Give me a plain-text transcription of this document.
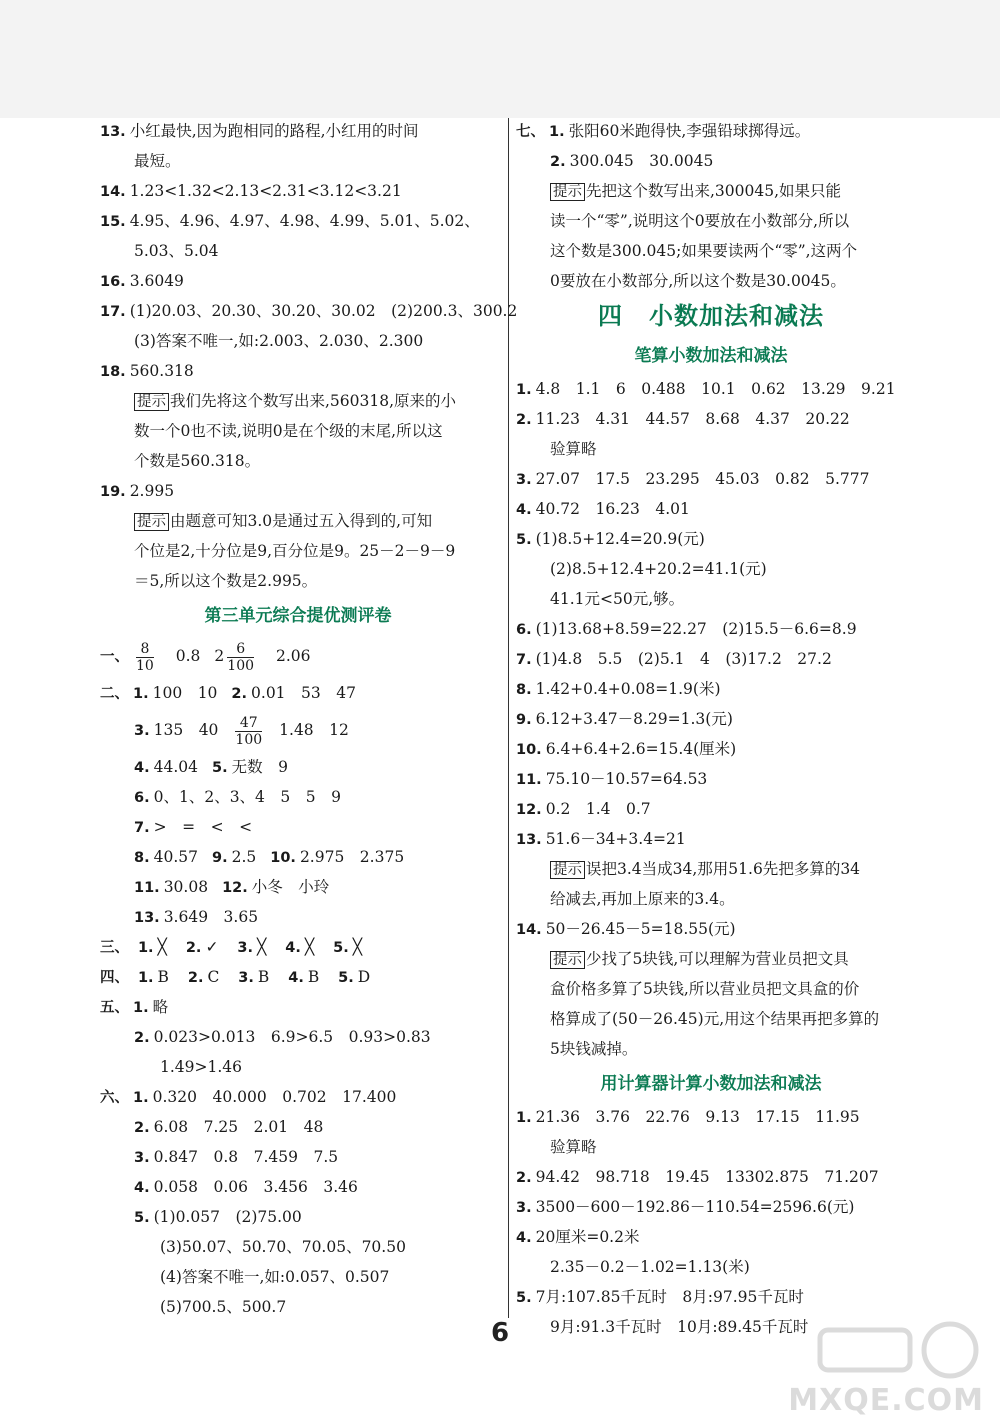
13. 小红最快,因为跑相同的路程,小红用的时间
最短。
14. 1.23<1.32<2.13<2.31<3.12<3.21
15. 4.95、4.96、4.97、4.98、4.99、5.01、5.02、
5.03、5.04
16. 3.6049
17. (1)20.03、20.30、30.20、30.02　(2)200.3、300.2
(3)答案不唯一,如:2.003、2.030、2.300
18. 560.318
提示 我们先将这个数写出来,560318,原来的小
数一个0也不读,说明0是在个级的末尾,所以这
个数是560.318。
19. 2.995
提示 由题意可知3.0是通过五入得到的,可知
个位是2,十分位是9,百分位是9。25－2－9－9
＝5,所以这个数是2.995。
第三单元综合提优测评卷
一、 $\frac{8}{10} 0.8$ $2 \frac{6}{100} 2.06$
二、 1. 100　10 2. 0.01　53　47
3. 135　$40 \frac{47}{100} 1.48$　12
4. 44.04 5. 无数　9
6. 0、1、2、3、4　5　5　9
7. >　=　<　<
8. 40.57 9. 2.5 10. 2.975　2.375
11. 30.08 12. 小冬　小玲
13. 3.649　3.65
三、 1. ╳ 2. ✓ 3. ╳ 4. ╳ 5. ╳
四、 1. B 2. C 3. B 4. B 5. D
五、 1. 略
2. 0.023>0.013　6.9>6.5　0.93>0.83
1.49>1.46
六、 1. 0.320　40.000　0.702　17.400
2. 6.08　7.25　2.01　48
3. 0.847　0.8　7.459　7.5
4. 0.058　0.06　3.456　3.46
5. (1)0.057　(2)75.00
(3)50.07、50.70、70.05、70.50
(4)答案不唯一,如:0.057、0.507
(5)700.5、500.7
七、 1. 张阳60米跑得快,李强铅球掷得远。
2. 300.045　30.0045
提示 先把这个数写出来,300045,如果只能
读一个“零”,说明这个0要放在小数部分,所以
这个数是300.045;如果要读两个“零”,这两个
0要放在小数部分,所以这个数是30.0045。
四 小数加法和减法
笔算小数加法和减法
1. 4.8　1.1　6　0.488　10.1　0.62　13.29　9.21
2. 11.23　4.31　44.57　8.68　4.37　20.22
验算略
3. 27.07　17.5　23.295　45.03　0.82　5.777
4. 40.72　16.23　4.01
5. (1)8.5+12.4=20.9(元)
(2)8.5+12.4+20.2=41.1(元)
41.1元<50元,够。
6. (1)13.68+8.59=22.27　(2)15.5－6.6=8.9
7. (1)4.8　5.5　(2)5.1　4　(3)17.2　27.2
8. 1.42+0.4+0.08=1.9(米)
9. 6.12+3.47－8.29=1.3(元)
10. 6.4+6.4+2.6=15.4(厘米)
11. 75.10－10.57=64.53
12. 0.2　1.4　0.7
13. 51.6－34+3.4=21
提示 误把3.4当成34,那用51.6先把多算的34
给减去,再加上原来的3.4。
14. 50－26.45－5=18.55(元)
提示 少找了5块钱,可以理解为营业员把文具
盒价格多算了5块钱,所以营业员把文具盒的价
格算成了(50－26.45)元,用这个结果再把多算的
5块钱减掉。
用计算器计算小数加法和减法
1. 21.36　3.76　22.76　9.13　17.15　11.95
验算略
2. 94.42　98.718　19.45　13302.875　71.207
3. 3500－600－192.86－110.54=2596.6(元)
4. 20厘米=0.2米
2.35－0.2－1.02=1.13(米)
5. 7月:107.85千瓦时　8月:97.95千瓦时
9月:91.3千瓦时　10月:89.45千瓦时
6
MXQE.COM
